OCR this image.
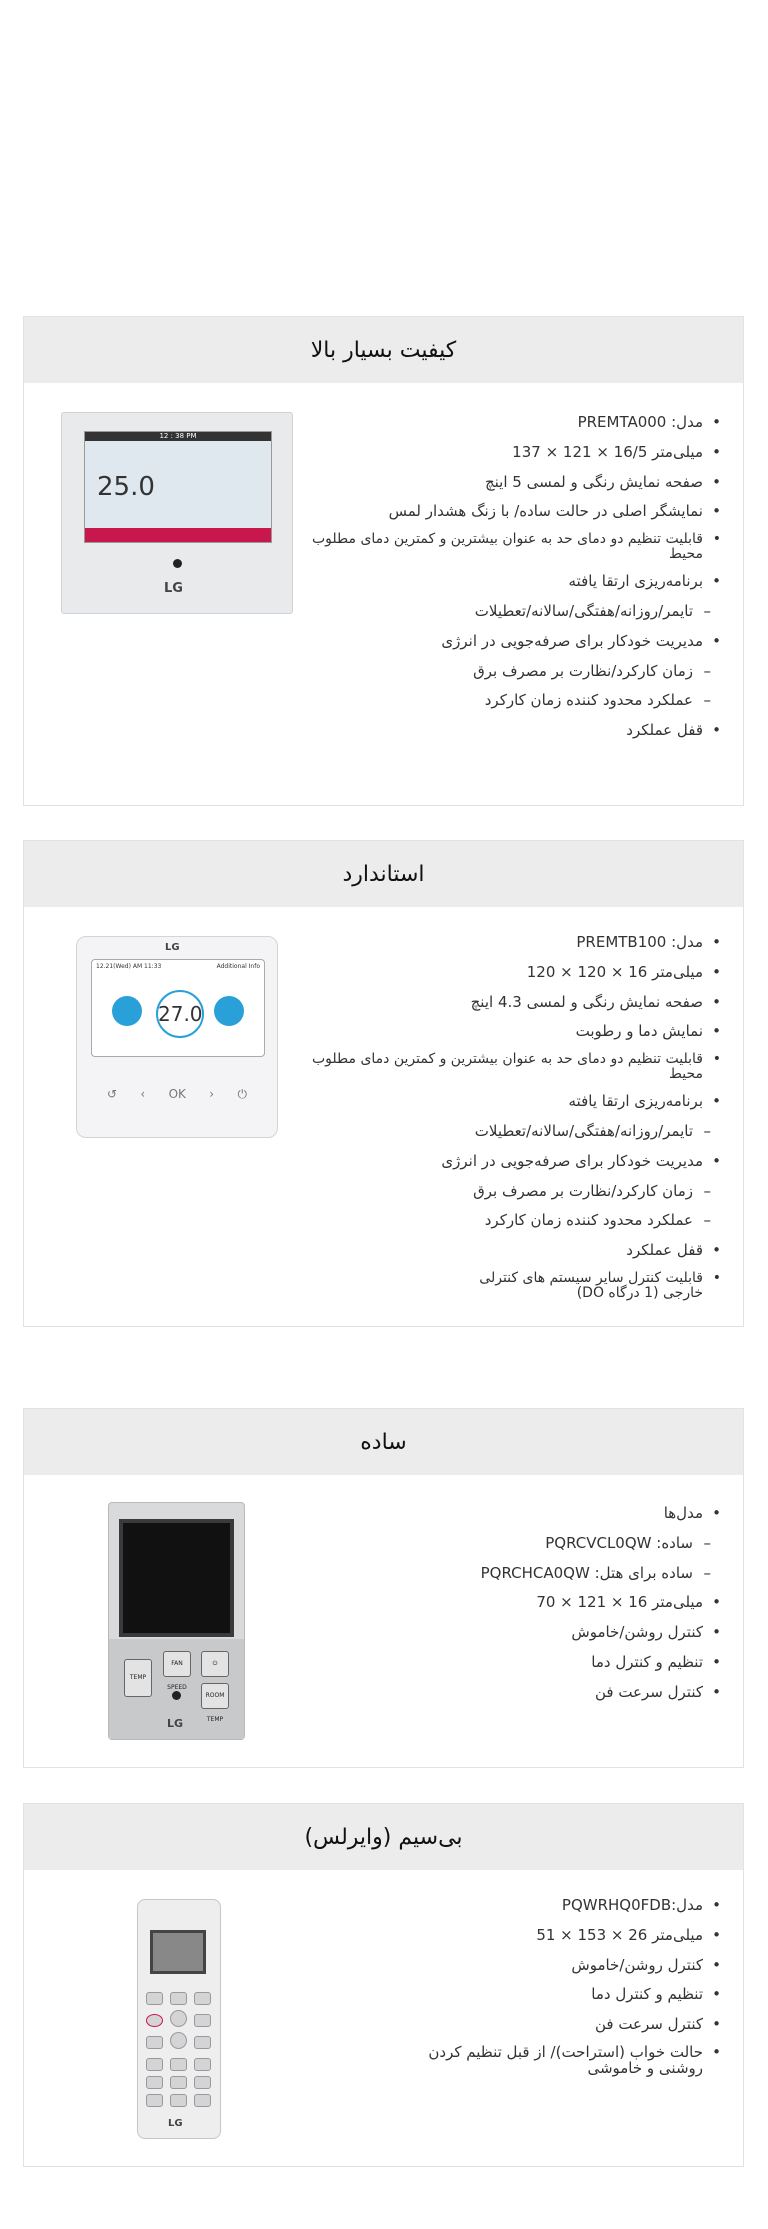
کیفیت بسیار بالا
12 : 38 PM
25.0
LG
• مدل: PREMTA000
• میلی‌متر 16/5 × 121 × 137
• صفحه نمایش رنگی و لمسی 5 اینچ
• نمایشگر اصلی در حالت ساده/ با زنگ هشدار لمس
• قابلیت تنظیم دو دمای حد به عنوان بیشترین و کمترین دمای مطلوب محیط
• برنامه‌ریزی ارتقا یافته
– تایمر/روزانه/هفتگی/سالانه/تعطیلات
• مدیریت خودکار برای صرفه‌جویی در انرژی
– زمان کارکرد/نظارت بر مصرف برق
– عملکرد محدود کننده زمان کارکرد
• قفل عملکرد
استاندارد
LG
12.21(Wed) AM 11:33	Additional Info
27.0
↺ ‹ OK › ⏻
• مدل: PREMTB100
• میلی‌متر 16 × 120 × 120
• صفحه نمایش رنگی و لمسی 4.3 اینچ
• نمایش دما و رطوبت
• قابلیت تنظیم دو دمای حد به عنوان بیشترین و کمترین دمای مطلوب محیط
• برنامه‌ریزی ارتقا یافته
– تایمر/روزانه/هفتگی/سالانه/تعطیلات
• مدیریت خودکار برای صرفه‌جویی در انرژی
– زمان کارکرد/نظارت بر مصرف برق
– عملکرد محدود کننده زمان کارکرد
• قفل عملکرد
• قابلیت کنترل سایر سیستم های کنترلی خارجی (1 درگاه DO)
ساده
TEMP
FAN SPEED
⏻
ROOM TEMP
LG
• مدل‌ها
– ساده: PQRCVCL0QW
– ساده برای هتل: PQRCHCA0QW
• میلی‌متر 16 × 121 × 70
• کنترل روشن/خاموش
• تنظیم و کنترل دما
• کنترل سرعت فن
بی‌سیم (وایرلس)
LG
• مدل:PQWRHQ0FDB
• میلی‌متر 26 × 153 × 51
• کنترل روشن/خاموش
• تنظیم و کنترل دما
• کنترل سرعت فن
• حالت خواب (استراحت)/ از قبل تنظیم کردن روشنی و خاموشی
